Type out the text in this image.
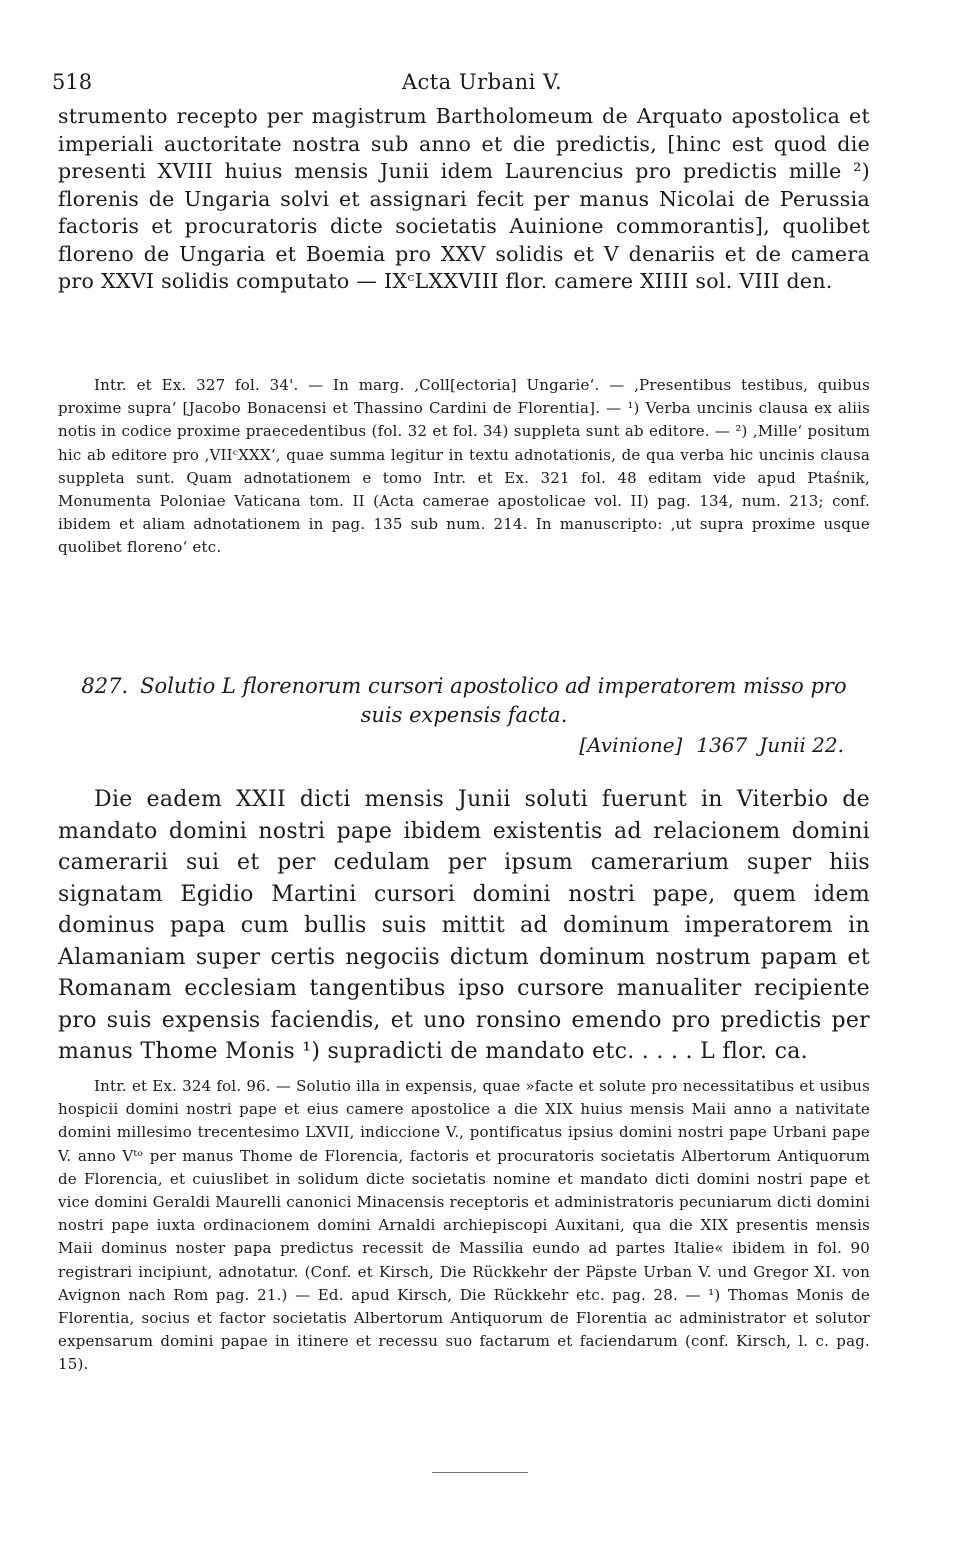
518	Acta Urbani V.

strumento recepto per magistrum Bartholomeum de Arquato apostolica et imperiali auctoritate nostra sub anno et die predictis, [hinc est quod die presenti XVIII huius mensis Junii idem Laurencius pro predictis mille ²) florenis de Ungaria solvi et assignari fecit per manus Nicolai de Perussia factoris et procuratoris dicte societatis Auinione commorantis], quolibet floreno de Ungaria et Boemia pro XXV solidis et V denariis et de camera pro XXVI solidis computato — IXᶜLXXVIII flor. camere XIIII sol. VIII den.

Intr. et Ex. 327 fol. 34'. — In marg. ‚Coll[ectoria] Ungarie‘. — ‚Presentibus testibus, quibus proxime supra‘ [Jacobo Bonacensi et Thassino Cardini de Florentia]. — ¹) Verba uncinis clausa ex aliis notis in codice proxime praecedentibus (fol. 32 et fol. 34) suppleta sunt ab editore. — ²) ‚Mille‘ positum hic ab editore pro ‚VIIᶜXXX‘, quae summa legitur in textu adnotationis, de qua verba hic uncinis clausa suppleta sunt. Quam adnotationem e tomo Intr. et Ex. 321 fol. 48 editam vide apud Ptaśnik, Monumenta Poloniae Vaticana tom. II (Acta camerae apostolicae vol. II) pag. 134, num. 213; conf. ibidem et aliam adnotationem in pag. 135 sub num. 214. In manuscripto: ‚ut supra proxime usque quolibet floreno‘ etc.

827. Solutio L florenorum cursori apostolico ad imperatorem misso pro suis expensis facta.
[Avinione] 1367 Junii 22.

Die eadem XXII dicti mensis Junii soluti fuerunt in Viterbio de mandato domini nostri pape ibidem existentis ad relacionem domini camerarii sui et per cedulam per ipsum camerarium super hiis signatam Egidio Martini cursori domini nostri pape, quem idem dominus papa cum bullis suis mittit ad dominum imperatorem in Alamaniam super certis negociis dictum dominum nostrum papam et Romanam ecclesiam tangentibus ipso cursore manualiter recipiente pro suis expensis faciendis, et uno ronsino emendo pro predictis per manus Thome Monis ¹) supradicti de mandato etc. . . . . L flor. ca.

Intr. et Ex. 324 fol. 96. — Solutio illa in expensis, quae »facte et solute pro necessitatibus et usibus hospicii domini nostri pape et eius camere apostolice a die XIX huius mensis Maii anno a nativitate domini millesimo trecentesimo LXVII, indiccione V., pontificatus ipsius domini nostri pape Urbani pape V. anno Vᵗᵒ per manus Thome de Florencia, factoris et procuratoris societatis Albertorum Antiquorum de Florencia, et cuiuslibet in solidum dicte societatis nomine et mandato dicti domini nostri pape et vice domini Geraldi Maurelli canonici Minacensis receptoris et administratoris pecuniarum dicti domini nostri pape iuxta ordinacionem domini Arnaldi archiepiscopi Auxitani, qua die XIX presentis mensis Maii dominus noster papa predictus recessit de Massilia eundo ad partes Italie« ibidem in fol. 90 registrari incipiunt, adnotatur. (Conf. et Kirsch, Die Rückkehr der Päpste Urban V. und Gregor XI. von Avignon nach Rom pag. 21.) — Ed. apud Kirsch, Die Rückkehr etc. pag. 28. — ¹) Thomas Monis de Florentia, socius et factor societatis Albertorum Antiquorum de Florentia ac administrator et solutor expensarum domini papae in itinere et recessu suo factarum et faciendarum (conf. Kirsch, l. c. pag. 15).
